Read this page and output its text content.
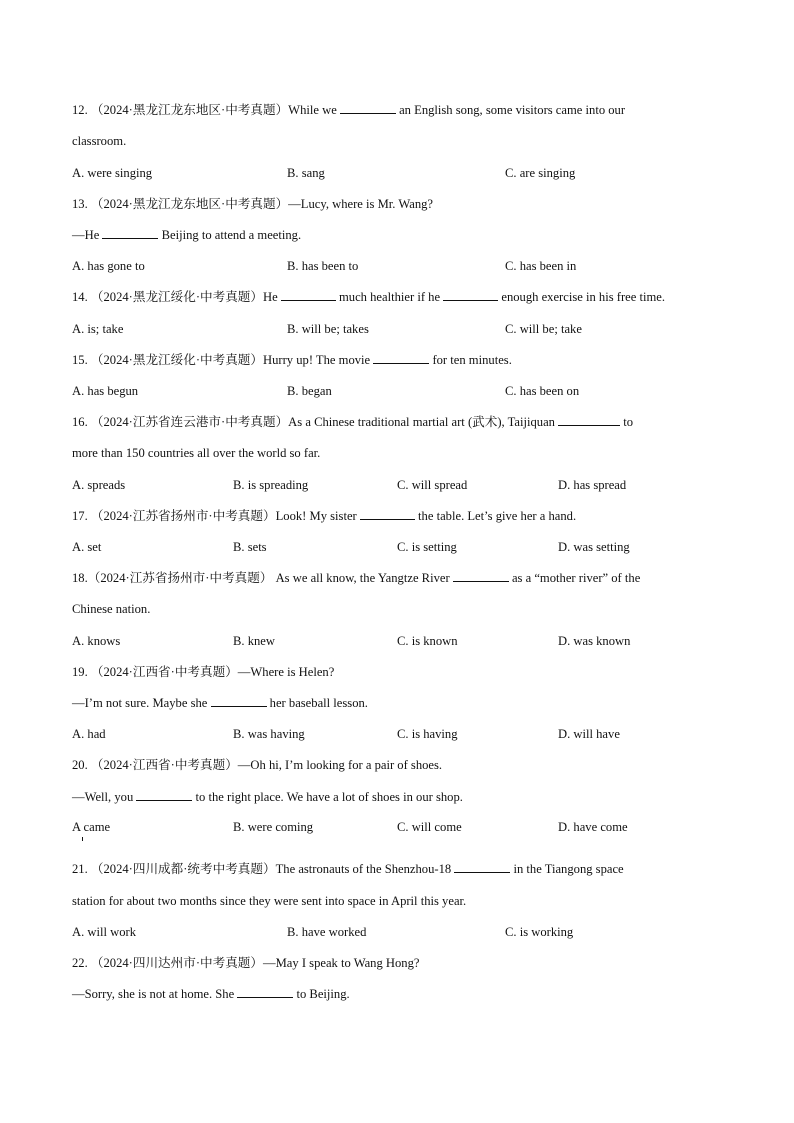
12. （2024·黑龙江龙东地区·中考真题）While we	an English song, some visitors came into our
classroom.
A. were singing	B. sang	C. are singing
13. （2024·黑龙江龙东地区·中考真题）—Lucy, where is Mr. Wang?
—He	Beijing to attend a meeting.
A. has gone to	B. has been to	C. has been in
14. （2024·黑龙江绥化·中考真题）He	much healthier if he	enough exercise in his free time.
A. is; take	B. will be; takes	C. will be; take
15. （2024·黑龙江绥化·中考真题）Hurry up! The movie	for ten minutes.
A. has begun	B. began	C. has been on
16. （2024·江苏省连云港市·中考真题）As a Chinese traditional martial art (武术), Taijiquan	to
more than 150 countries all over the world so far.
A. spreads	B. is spreading	C. will spread	D. has spread
17. （2024·江苏省扬州市·中考真题）Look! My sister	the table. Let’s give her a hand.
A. set	B. sets	C. is setting	D. was setting
18.（2024·江苏省扬州市·中考真题） As we all know, the Yangtze River	as a “mother river” of the
Chinese nation.
A. knows	B. knew	C. is known	D. was known
19. （2024·江西省·中考真题）—Where is Helen?
—I’m not sure. Maybe she	her baseball lesson.
A. had	B. was having	C. is having	D. will have
20. （2024·江西省·中考真题）—Oh hi, I’m looking for a pair of shoes.
—Well, you	to the right place. We have a lot of shoes in our shop.
A came	B. were coming	C. will come	D. have come
21. （2024·四川成都·统考中考真题）The astronauts of the Shenzhou-18	in the Tiangong space
station for about two months since they were sent into space in April this year.
A. will work	B. have worked	C. is working
22. （2024·四川达州市·中考真题）—May I speak to Wang Hong?
—Sorry, she is not at home. She	to Beijing.
